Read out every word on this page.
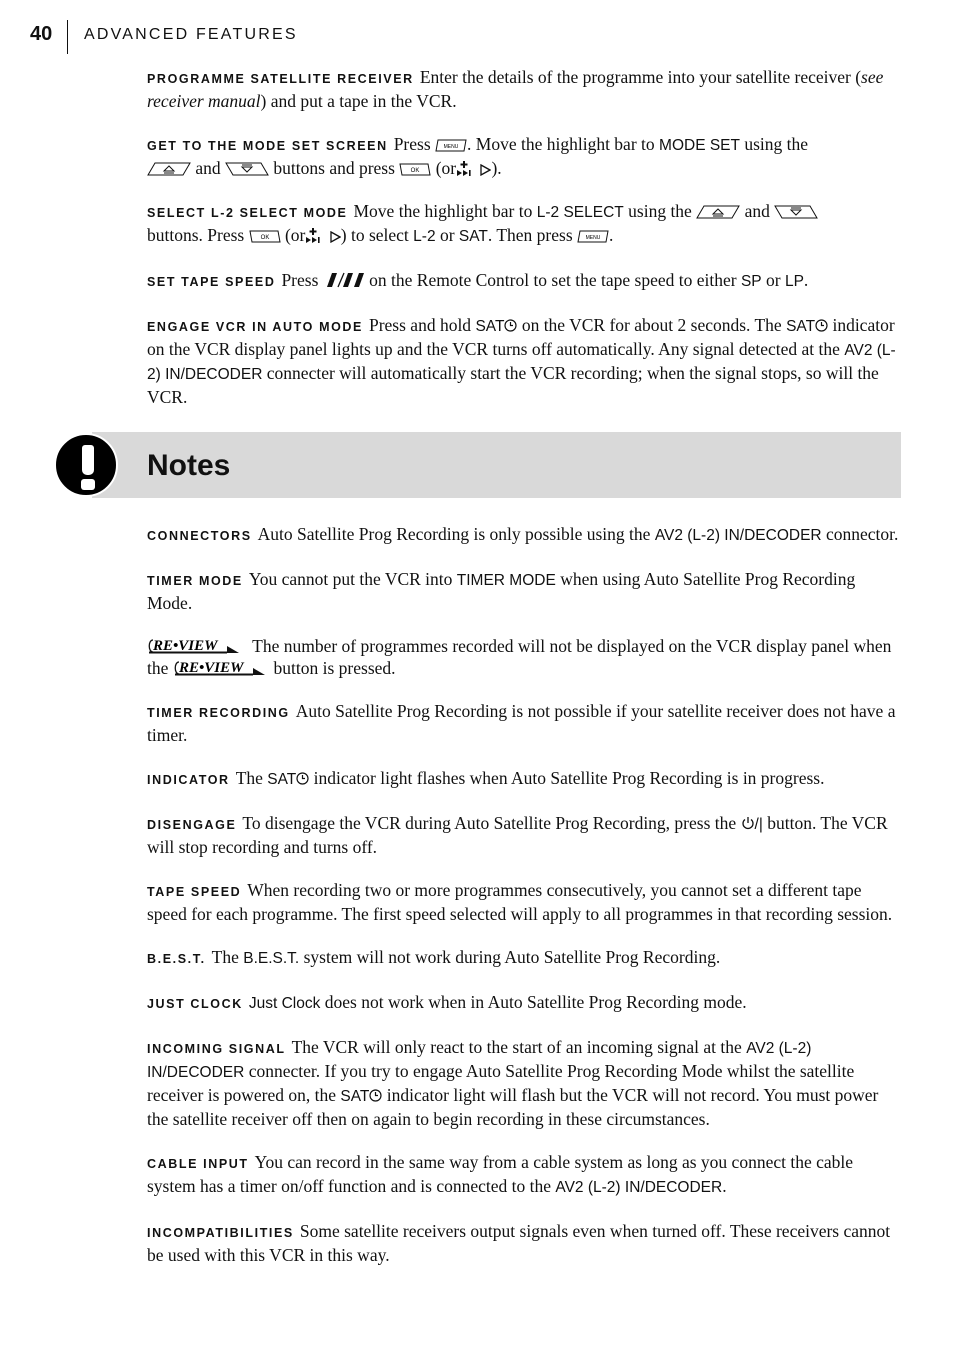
40 ADVANCED FEATURES

PROGRAMME SATELLITE RECEIVER Enter the details of the programme into your satellite receiver (see receiver manual) and put a tape in the VCR.

GET TO THE MODE SET SCREEN Press	MENU . Move the highlight bar to MODE SET using the
and	buttons and press	OK (or ).

SELECT L-2 SELECT MODE Move the highlight bar to L-2 SELECT using the	and
buttons. Press	OK (or ) to select L-2 or SAT. Then press	MENU .

SET TAPE SPEED Press	on the Remote Control to set the tape speed to either SP or LP.

ENGAGE VCR IN AUTO MODE Press and hold SAT on the VCR for about 2 seconds. The SAT indicator on the VCR display panel lights up and the VCR turns off automatically. Any signal detected at the AV2 (L-2) IN/DECODER connecter will automatically start the VCR recording; when the signal stops, so will the VCR.

Notes

CONNECTORS Auto Satellite Prog Recording is only possible using the AV2 (L-2) IN/DECODER connector.

TIMER MODE You cannot put the VCR into TIMER MODE when using Auto Satellite Prog Recording Mode.

RE•VIEW The number of programmes recorded will not be displayed on the VCR display panel when the RE•VIEW button is pressed.

TIMER RECORDING Auto Satellite Prog Recording is not possible if your satellite receiver does not have a timer.

INDICATOR The SAT indicator light flashes when Auto Satellite Prog Recording is in progress.

DISENGAGE To disengage the VCR during Auto Satellite Prog Recording, press the /| button. The VCR will stop recording and turns off.

TAPE SPEED When recording two or more programmes consecutively, you cannot set a different tape speed for each programme. The first speed selected will apply to all programmes in that recording session.

B.E.S.T. The B.E.S.T. system will not work during Auto Satellite Prog Recording.

JUST CLOCK Just Clock does not work when in Auto Satellite Prog Recording mode.

INCOMING SIGNAL The VCR will only react to the start of an incoming signal at the AV2 (L-2) IN/DECODER connecter. If you try to engage Auto Satellite Prog Recording Mode whilst the satellite receiver is powered on, the SAT indicator light will flash but the VCR will not record. You must power the satellite receiver off then on again to begin recording in these circumstances.

CABLE INPUT You can record in the same way from a cable system as long as you connect the cable system has a timer on/off function and is connected to the AV2 (L-2) IN/DECODER.

INCOMPATIBILITIES Some satellite receivers output signals even when turned off. These receivers cannot be used with this VCR in this way.
